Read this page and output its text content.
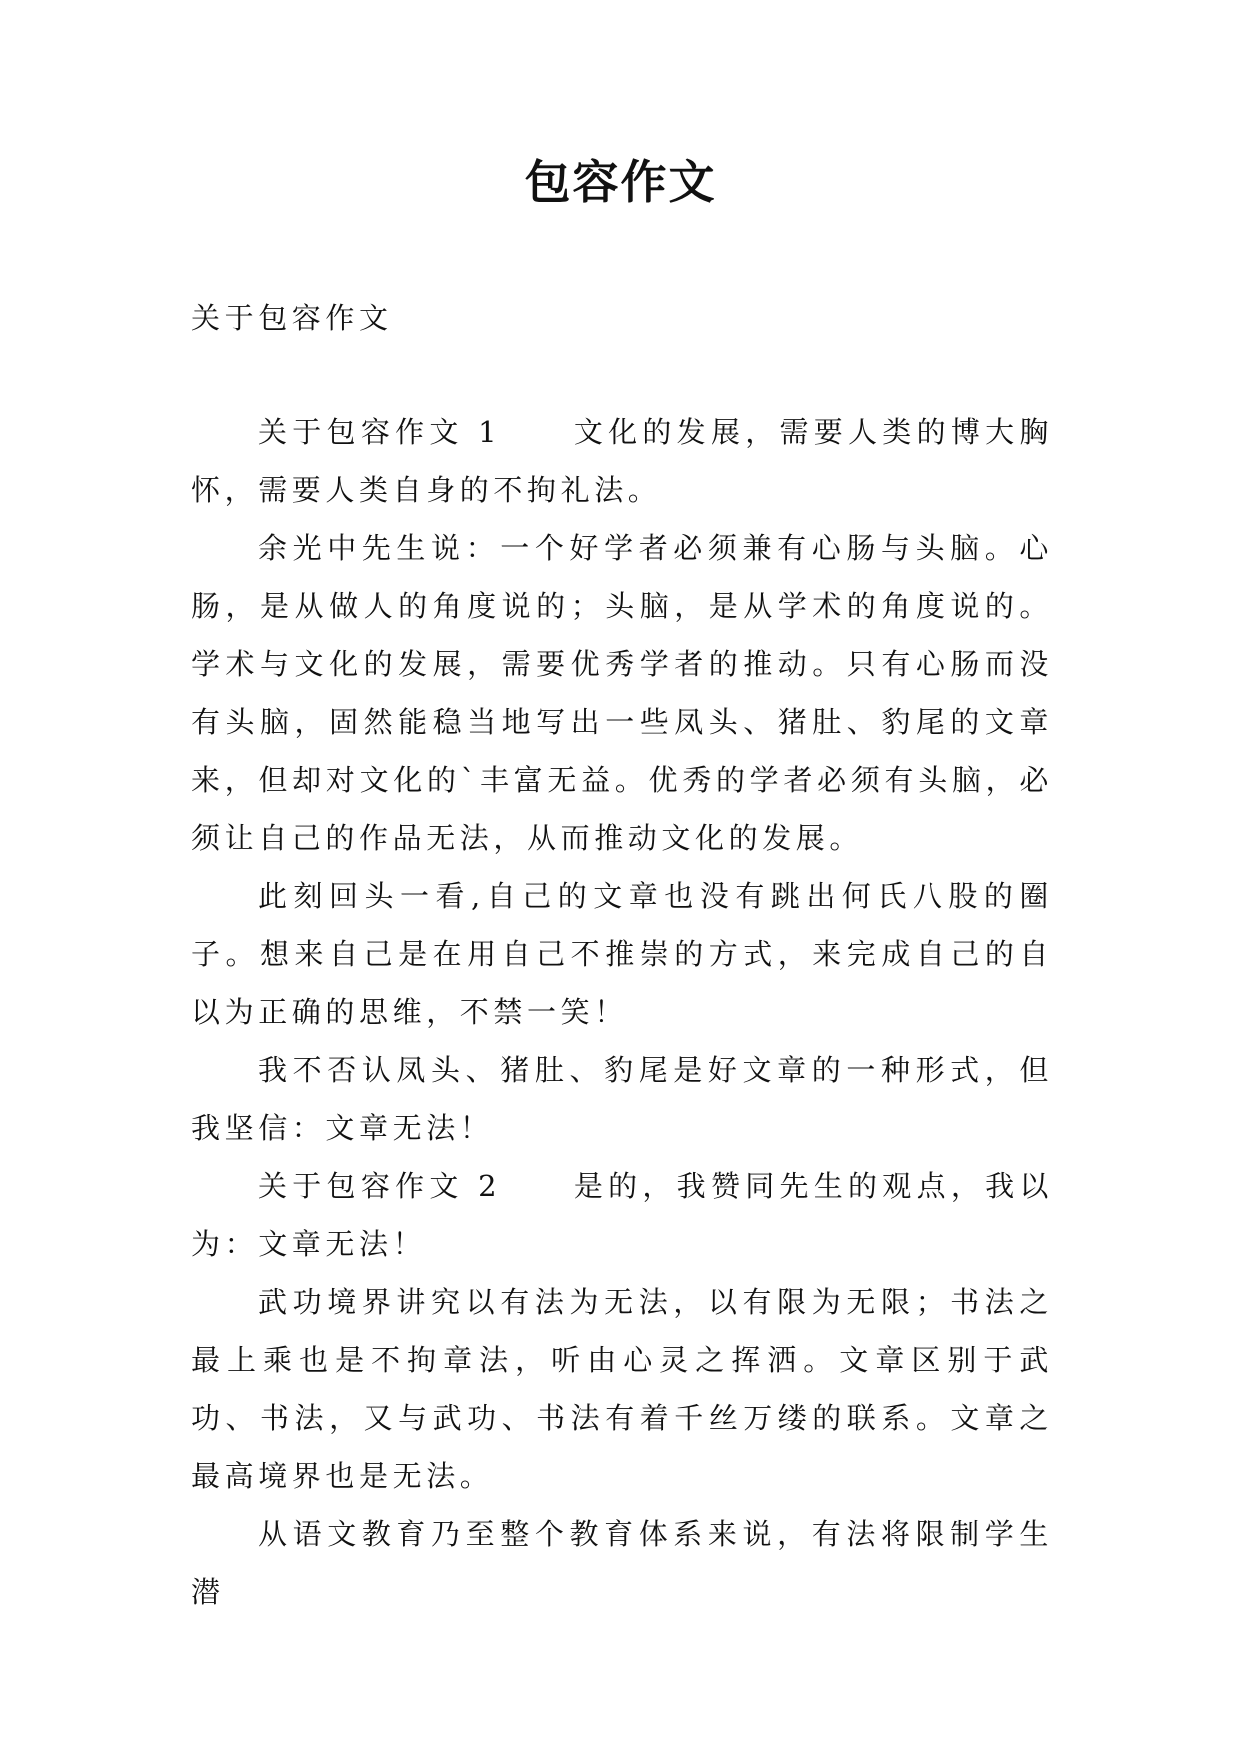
包容作文
关于包容作文

关于包容作文 1 文化的发展，需要人类的博大胸怀，需要人类自身的不拘礼法。

余光中先生说：一个好学者必须兼有心肠与头脑。心肠，是从做人的角度说的；头脑，是从学术的角度说的。学术与文化的发展，需要优秀学者的推动。只有心肠而没有头脑，固然能稳当地写出一些凤头、猪肚、豹尾的文章来，但却对文化的`丰富无益。优秀的学者必须有头脑，必须让自己的作品无法，从而推动文化的发展。

此刻回头一看,自己的文章也没有跳出何氏八股的圈子。想来自己是在用自己不推崇的方式，来完成自己的自以为正确的思维，不禁一笑！

我不否认凤头、猪肚、豹尾是好文章的一种形式，但我坚信：文章无法！

关于包容作文 2 是的，我赞同先生的观点，我以为：文章无法！

武功境界讲究以有法为无法，以有限为无限；书法之最上乘也是不拘章法，听由心灵之挥洒。文章区别于武功、书法，又与武功、书法有着千丝万缕的联系。文章之最高境界也是无法。

从语文教育乃至整个教育体系来说，有法将限制学生潜
